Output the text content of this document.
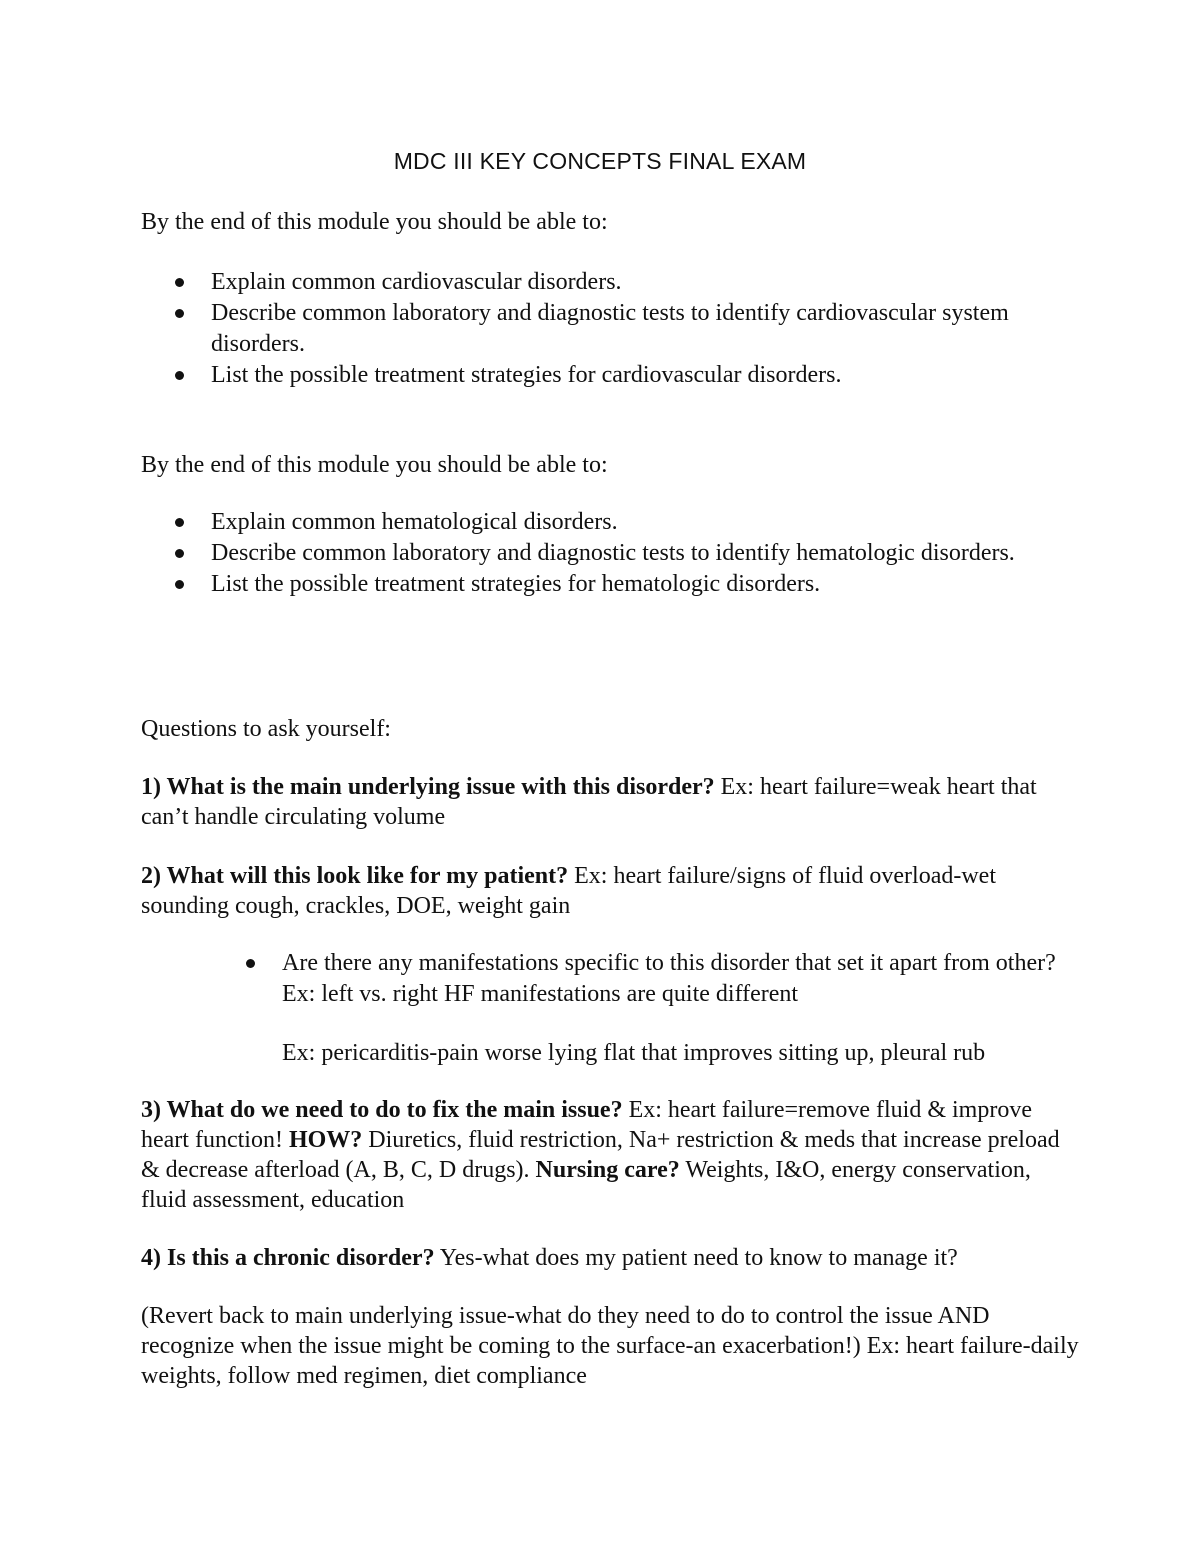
MDC III KEY CONCEPTS FINAL EXAM

By the end of this module you should be able to:

Explain common cardiovascular disorders.
Describe common laboratory and diagnostic tests to identify cardiovascular system disorders.
List the possible treatment strategies for cardiovascular disorders.

By the end of this module you should be able to:

Explain common hematological disorders.
Describe common laboratory and diagnostic tests to identify hematologic disorders.
List the possible treatment strategies for hematologic disorders.

Questions to ask yourself:

1) What is the main underlying issue with this disorder? Ex: heart failure=weak heart that can’t handle circulating volume

2) What will this look like for my patient? Ex: heart failure/signs of fluid overload-wet sounding cough, crackles, DOE, weight gain

Are there any manifestations specific to this disorder that set it apart from other? Ex: left vs. right HF manifestations are quite different

Ex: pericarditis-pain worse lying flat that improves sitting up, pleural rub

3) What do we need to do to fix the main issue? Ex: heart failure=remove fluid & improve heart function! HOW? Diuretics, fluid restriction, Na+ restriction & meds that increase preload & decrease afterload (A, B, C, D drugs). Nursing care? Weights, I&O, energy conservation, fluid assessment, education

4) Is this a chronic disorder? Yes-what does my patient need to know to manage it?

(Revert back to main underlying issue-what do they need to do to control the issue AND recognize when the issue might be coming to the surface-an exacerbation!) Ex: heart failure-daily weights, follow med regimen, diet compliance
